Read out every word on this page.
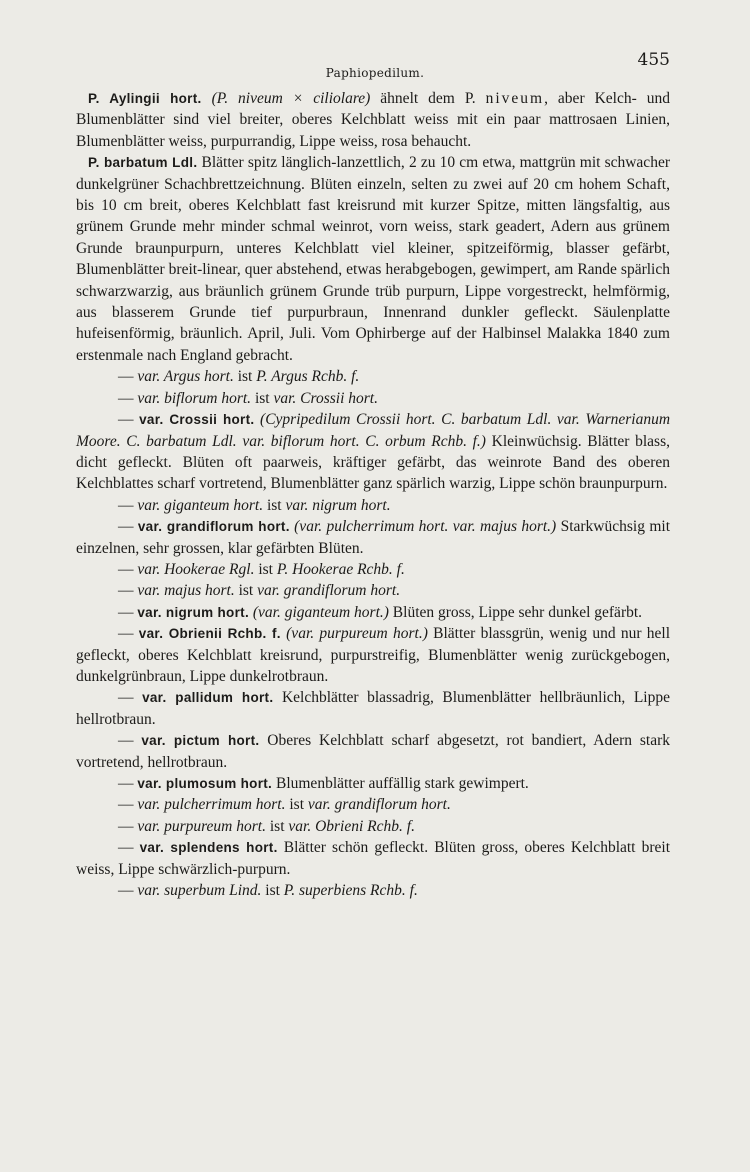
Paphiopedilum.
455

P. Aylingii hort. (P. niveum × ciliolare) ähnelt dem P. niveum, aber Kelch- und Blumenblätter sind viel breiter, oberes Kelchblatt weiss mit ein paar mattrosaen Linien, Blumenblätter weiss, purpurrandig, Lippe weiss, rosa behaucht.

P. barbatum Ldl. Blätter spitz länglich-lanzettlich, 2 zu 10 cm etwa, mattgrün mit schwacher dunkelgrüner Schachbrettzeichnung. Blüten einzeln, selten zu zwei auf 20 cm hohem Schaft, bis 10 cm breit, oberes Kelchblatt fast kreisrund mit kurzer Spitze, mitten längsfaltig, aus grünem Grunde mehr minder schmal weinrot, vorn weiss, stark geadert, Adern aus grünem Grunde braunpurpurn, unteres Kelchblatt viel kleiner, spitzeiförmig, blasser gefärbt, Blumenblätter breit-linear, quer abstehend, etwas herabgebogen, gewimpert, am Rande spärlich schwarzwarzig, aus bräunlich grünem Grunde trüb purpurn, Lippe vorgestreckt, helmförmig, aus blasserem Grunde tief purpurbraun, Innenrand dunkler gefleckt. Säulenplatte hufeisenförmig, bräunlich. April, Juli. Vom Ophirberge auf der Halbinsel Malakka 1840 zum erstenmale nach England gebracht.

— var. Argus hort. ist P. Argus Rchb. f.

— var. biflorum hort. ist var. Crossii hort.

— var. Crossii hort. (Cypripedilum Crossii hort. C. barbatum Ldl. var. Warnerianum Moore. C. barbatum Ldl. var. biflorum hort. C. orbum Rchb. f.) Kleinwüchsig. Blätter blass, dicht gefleckt. Blüten oft paarweis, kräftiger gefärbt, das weinrote Band des oberen Kelchblattes scharf vortretend, Blumenblätter ganz spärlich warzig, Lippe schön braunpurpurn.

— var. giganteum hort. ist var. nigrum hort.

— var. grandiflorum hort. (var. pulcherrimum hort. var. majus hort.) Starkwüchsig mit einzelnen, sehr grossen, klar gefärbten Blüten.

— var. Hookerae Rgl. ist P. Hookerae Rchb. f.

— var. majus hort. ist var. grandiflorum hort.

— var. nigrum hort. (var. giganteum hort.) Blüten gross, Lippe sehr dunkel gefärbt.

— var. Obrienii Rchb. f. (var. purpureum hort.) Blätter blassgrün, wenig und nur hell gefleckt, oberes Kelchblatt kreisrund, purpurstreifig, Blumenblätter wenig zurückgebogen, dunkelgrünbraun, Lippe dunkelrotbraun.

— var. pallidum hort. Kelchblätter blassadrig, Blumenblätter hellbräunlich, Lippe hellrotbraun.

— var. pictum hort. Oberes Kelchblatt scharf abgesetzt, rot bandiert, Adern stark vortretend, hellrotbraun.

— var. plumosum hort. Blumenblätter auffällig stark gewimpert.

— var. pulcherrimum hort. ist var. grandiflorum hort.

— var. purpureum hort. ist var. Obrieni Rchb. f.

— var. splendens hort. Blätter schön gefleckt. Blüten gross, oberes Kelchblatt breit weiss, Lippe schwärzlich-purpurn.

— var. superbum Lind. ist P. superbiens Rchb. f.
